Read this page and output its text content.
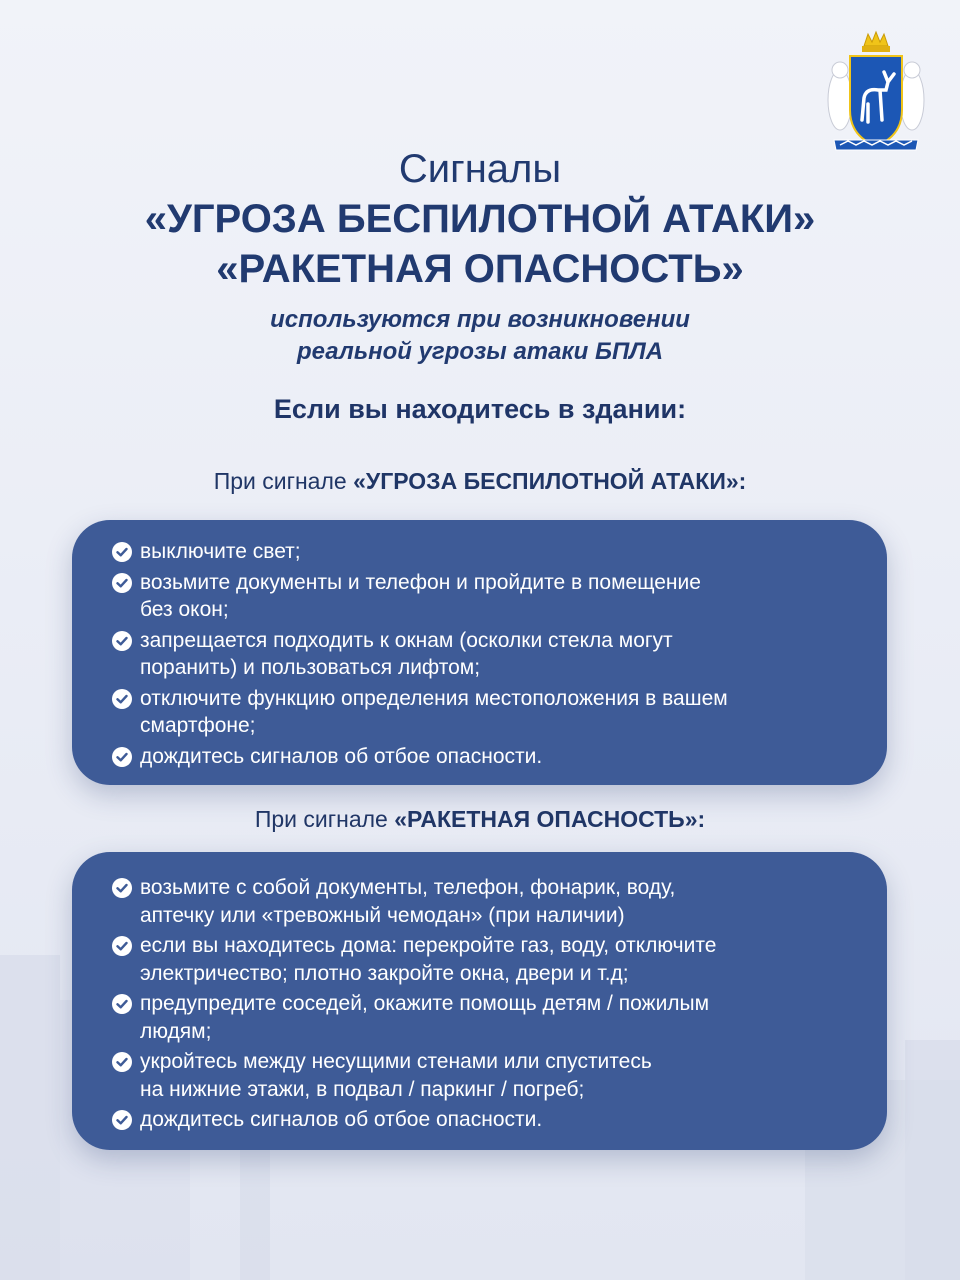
Сигналы
«УГРОЗА БЕСПИЛОТНОЙ АТАКИ»
«РАКЕТНАЯ ОПАСНОСТЬ»
используются при возникновении
реальной угрозы атаки БПЛА
Если вы находитесь в здании:
При сигнале «УГРОЗА БЕСПИЛОТНОЙ АТАКИ»:
выключите свет;
возьмите документы и телефон и пройдите в помещение
без окон;
запрещается подходить к окнам (осколки стекла могут
поранить) и пользоваться лифтом;
отключите функцию определения местоположения в вашем
смартфоне;
дождитесь сигналов об отбое опасности.
При сигнале «РАКЕТНАЯ ОПАСНОСТЬ»:
возьмите с собой документы, телефон, фонарик, воду,
аптечку или «тревожный чемодан» (при наличии)
если вы находитесь дома: перекройте газ, воду, отключите
электричество; плотно закройте окна, двери и т.д;
предупредите соседей, окажите помощь детям / пожилым
людям;
укройтесь между несущими стенами или спуститесь
на нижние этажи, в подвал / паркинг / погреб;
дождитесь сигналов об отбое опасности.
